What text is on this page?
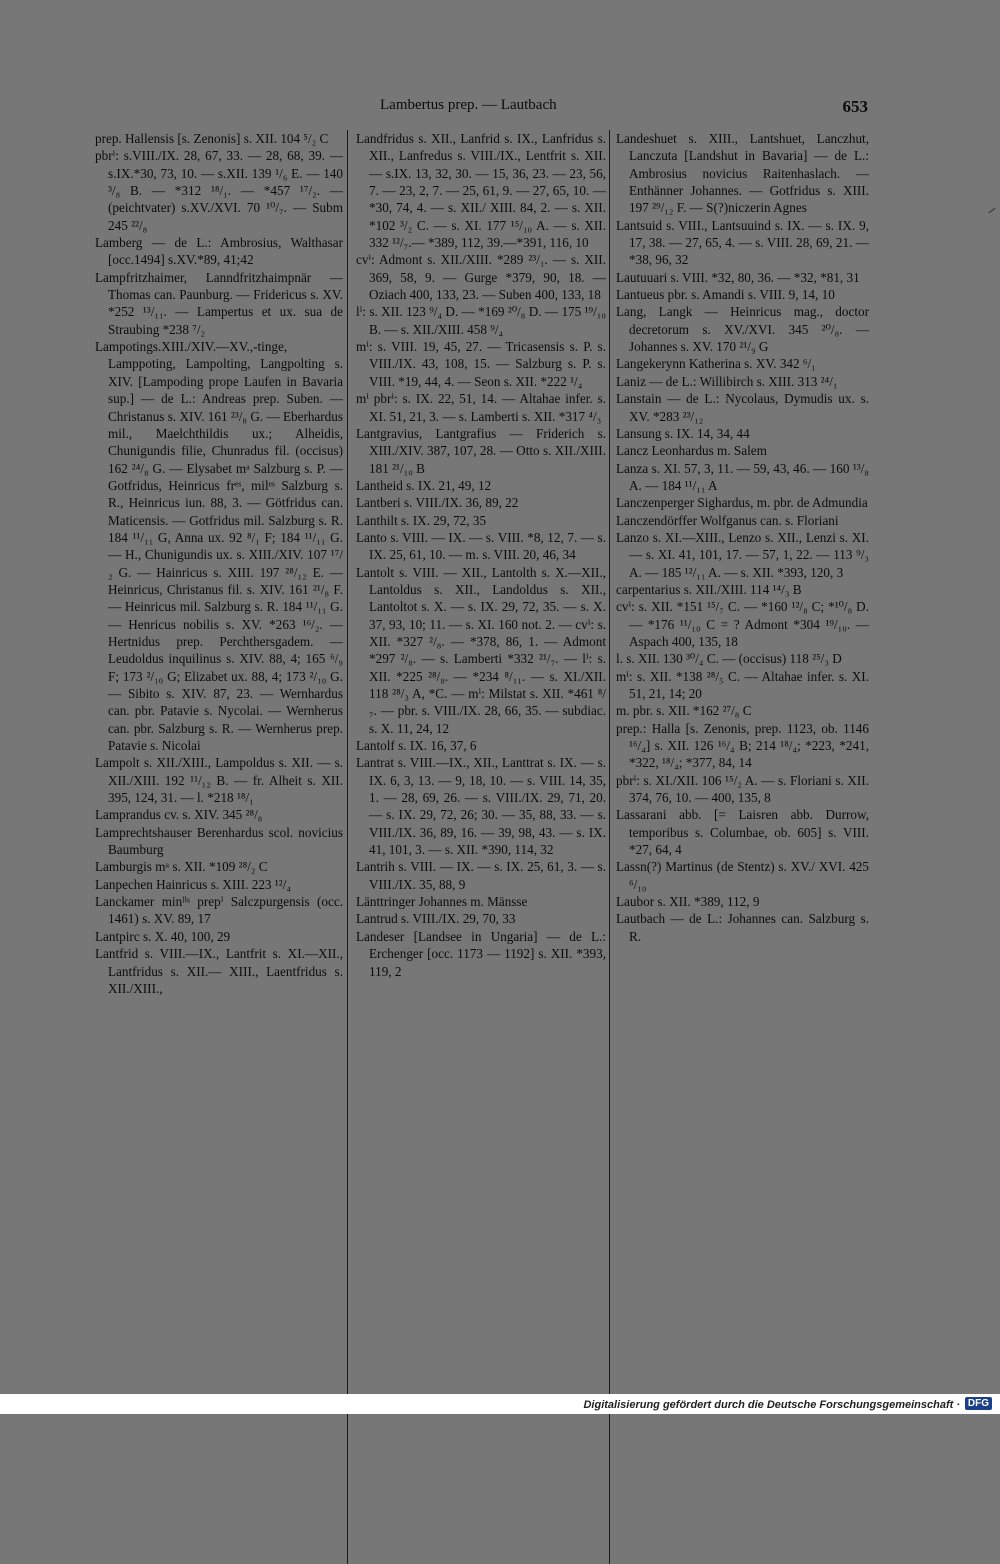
Lambertus prep. — Lautbach	653

prep. Hallensis [s. Zenonis] s. XII. 104 ⁵/₂ C

pbrⁱ: s.VIII./IX. 28, 67, 33. — 28, 68, 39. — s.IX.*30, 73, 10. — s.XII. 139 ¹/₆ E. — 140 ³/₈ B. — *312 ¹⁸/₁. — *457 ¹⁷/₂. — (peichtvater) s.XV./XVI. 70 ¹⁰/₇. — Subm 245 ²²/₈

Lamberg — de L.: Ambrosius, Walthasar [occ.1494] s.XV.*89, 41;42

Lampfritzhaimer, Lanndfritzhaimpnär — Thomas can. Paunburg. — Fridericus s. XV. *252 ¹³/₁₁. — Lampertus et ux. sua de Straubing *238 ⁷/₂

Lampotings.XIII./XIV.—XV.,-tinge, Lamppoting, Lampolting, Langpolting s. XIV. [Lampoding prope Laufen in Bavaria sup.] — de L.: Andreas prep. Suben. — Christanus s. XIV. 161 ²³/₈ G. — Eberhardus mil., Maelchthildis ux.; Alheidis, Chunigundis filie, Chunradus fil. (occisus) 162 ²⁴/₈ G. — Elysabet mᵃ Salzburg s. P. — Gotfridus, Heinricus frᵉˢ, milᵉˢ Salzburg s. R., Heinricus iun. 88, 3. — Götfridus can. Maticensis. — Gotfridus mil. Salzburg s. R. 184 ¹¹/₁₁ G, Anna ux. 92 ⁸/₁ F; 184 ¹¹/₁₁ G. — H., Chunigundis ux. s. XIII./XIV. 107 ¹⁷/₂ G. — Hainricus s. XIII. 197 ²⁸/₁₂ E. — Heinricus, Christanus fil. s. XIV. 161 ²¹/₈ F. — Heinricus mil. Salzburg s. R. 184 ¹¹/₁₁ G. — Henricus nobilis s. XV. *263 ¹⁶/₂. — Hertnidus prep. Perchthersgadem. — Leudoldus inquilinus s. XIV. 88, 4; 165 ⁶/₉ F; 173 ²/₁₀ G; Elizabet ux. 88, 4; 173 ²/₁₀ G. — Sibito s. XIV. 87, 23. — Wernhardus can. pbr. Patavie s. Nycolai. — Wernherus can. pbr. Salzburg s. R. — Wernherus prep. Patavie s. Nicolai

Lampolt s. XII./XIII., Lampoldus s. XII. — s. XII./XIII. 192 ¹¹/₁₂ B. — fr. Alheit s. XII. 395, 124, 31. — l. *218 ¹⁸/₁

Lamprandus cv. s. XIV. 345 ²⁸/₈

Lamprechtshauser Berenhardus scol. novicius Baumburg

Lamburgis mᵃ s. XII. *109 ²⁸/₂ C

Lanpechen Hainricus s. XIII. 223 ¹²/₄

Lanckamer minˡⁱˢ prepⁱ Salczpurgensis (occ. 1461) s. XV. 89, 17

Lantpirc s. X. 40, 100, 29

Lantfrid s. VIII.—IX., Lantfrit s. XI.—XII., Lantfridus s. XII.— XIII., Laentfridus s. XII./XIII.,

Landfridus s. XII., Lanfrid s. IX., Lanfridus s. XII., Lanfredus s. VIII./IX., Lentfrit s. XII. — s.IX. 13, 32, 30. — 15, 36, 23. — 23, 56, 7. — 23, 2, 7. — 25, 61, 9. — 27, 65, 10. — *30, 74, 4. — s. XII./ XIII. 84, 2. — s. XII. *102 ³/₂ C. — s. XI. 177 ¹⁵/₁₀ A. — s. XII. 332 ¹²/₇.— *389, 112, 39.—*391, 116, 10

cvⁱ: Admont s. XII./XIII. *289 ²³/₁. — s. XII. 369, 58, 9. — Gurge *379, 90, 18. — Oziach 400, 133, 23. — Suben 400, 133, 18

lⁱ: s. XII. 123 ⁹/₄ D. — *169 ²⁰/₈ D. — 175 ¹⁹/₁₀ B. — s. XII./XIII. 458 ⁹/₄

mⁱ: s. VIII. 19, 45, 27. — Tricasensis s. P. s. VIII./IX. 43, 108, 15. — Salzburg s. P. s. VIII. *19, 44, 4. — Seon s. XII. *222 ¹/₄

mⁱ pbrⁱ: s. IX. 22, 51, 14. — Altahae infer. s. XI. 51, 21, 3. — s. Lamberti s. XII. *317 ⁴/₃

Lantgravius, Lantgrafius — Friderich s. XIII./XIV. 387, 107, 28. — Otto s. XII./XIII. 181 ²¹/₁₀ B

Lantheid s. IX. 21, 49, 12

Lantberi s. VIII./IX. 36, 89, 22

Lanthilt s. IX. 29, 72, 35

Lanto s. VIII. — IX. — s. VIII. *8, 12, 7. — s. IX. 25, 61, 10. — m. s. VIII. 20, 46, 34

Lantolt s. VIII. — XII., Lantolth s. X.—XII., Lantoldus s. XII., Landoldus s. XII., Lantoltot s. X. — s. IX. 29, 72, 35. — s. X. 37, 93, 10; 11. — s. XI. 160 not. 2. — cvⁱ: s. XII. *327 ²/₈. — *378, 86, 1. — Admont *297 ²/₈. — s. Lamberti *332 ²¹/₇. — lⁱ: s. XII. *225 ²⁸/₈. — *234 ⁸/₁₁. — s. XI./XII. 118 ²⁸/₃ A, *C. — mⁱ: Milstat s. XII. *461 ⁸/₇. — pbr. s. VIII./IX. 28, 66, 35. — subdiac. s. X. 11, 24, 12

Lantolf s. IX. 16, 37, 6

Lantrat s. VIII.—IX., XII., Lanttrat s. IX. — s. IX. 6, 3, 13. — 9, 18, 10. — s. VIII. 14, 35, 1. — 28, 69, 26. — s. VIII./IX. 29, 71, 20. — s. IX. 29, 72, 26; 30. — 35, 88, 33. — s. VIII./IX. 36, 89, 16. — 39, 98, 43. — s. IX. 41, 101, 3. — s. XII. *390, 114, 32

Lantrih s. VIII. — IX. — s. IX. 25, 61, 3. — s. VIII./IX. 35, 88, 9

Länttringer Johannes m. Mänsse

Lantrud s. VIII./IX. 29, 70, 33

Landeser [Landsee in Ungaria] — de L.: Erchenger [occ. 1173 — 1192] s. XII. *393, 119, 2

Landeshuet s. XIII., Lantshuet, Lanczhut, Lanczuta [Landshut in Bavaria] — de L.: Ambrosius novicius Raitenhaslach. — Enthänner Johannes. — Gotfridus s. XIII. 197 ²⁹/₁₂ F. — S(?)niczerin Agnes

Lantsuid s. VIII., Lantsuuind s. IX. — s. IX. 9, 17, 38. — 27, 65, 4. — s. VIII. 28, 69, 21. — *38, 96, 32

Lautuuari s. VIII. *32, 80, 36. — *32, *81, 31

Lantueus pbr. s. Amandi s. VIII. 9, 14, 10

Lang, Langk — Heinricus mag., doctor decretorum s. XV./XVI. 345 ²⁰/₈. — Johannes s. XV. 170 ²¹/₉ G

Langekerynn Katherina s. XV. 342 ⁶/₁

Laniz — de L.: Willibirch s. XIII. 313 ²⁴/₁

Lanstain — de L.: Nycolaus, Dymudis ux. s. XV. *283 ²³/₁₂

Lansung s. IX. 14, 34, 44

Lancz Leonhardus m. Salem

Lanza s. XI. 57, 3, 11. — 59, 43, 46. — 160 ¹³/₈ A. — 184 ¹¹/₁₁ A

Lanczenperger Sighardus, m. pbr. de Admundia

Lanczendörffer Wolfganus can. s. Floriani

Lanzo s. XI.—XIII., Lenzo s. XII., Lenzi s. XI. — s. XI. 41, 101, 17. — 57, 1, 22. — 113 ⁹/₃ A. — 185 ¹²/₁₁ A. — s. XII. *393, 120, 3

carpentarius s. XII./XIII. 114 ¹⁴/₃ B

cvⁱ: s. XII. *151 ¹⁵/₇ C. — *160 ¹²/₈ C; *¹⁰/₈ D. — *176 ¹¹/₁₀ C = ? Admont *304 ¹⁹/₁₀. — Aspach 400, 135, 18

l. s. XII. 130 ³⁰/₄ C. — (occisus) 118 ²⁵/₃ D

mⁱ: s. XII. *138 ²⁸/₅ C. — Altahae infer. s. XI. 51, 21, 14; 20

m. pbr. s. XII. *162 ²⁷/₈ C

prep.: Halla [s. Zenonis, prep. 1123, ob. 1146 ¹⁶/₄] s. XII. 126 ¹⁶/₄ B; 214 ¹⁸/₄; *223, *241, *322, ¹⁸/₄; *377, 84, 14

pbrⁱ: s. XI./XII. 106 ¹⁵/₂ A. — s. Floriani s. XII. 374, 76, 10. — 400, 135, 8

Lassarani abb. [= Laisren abb. Durrow, temporibus s. Columbae, ob. 605] s. VIII. *27, 64, 4

Lassn(?) Martinus (de Stentz) s. XV./ XVI. 425 ⁶/₁₀

Laubor s. XII. *389, 112, 9

Lautbach — de L.: Johannes can. Salzburg s. R.

Digitalisierung gefördert durch die Deutsche Forschungsgemeinschaft · DFG
